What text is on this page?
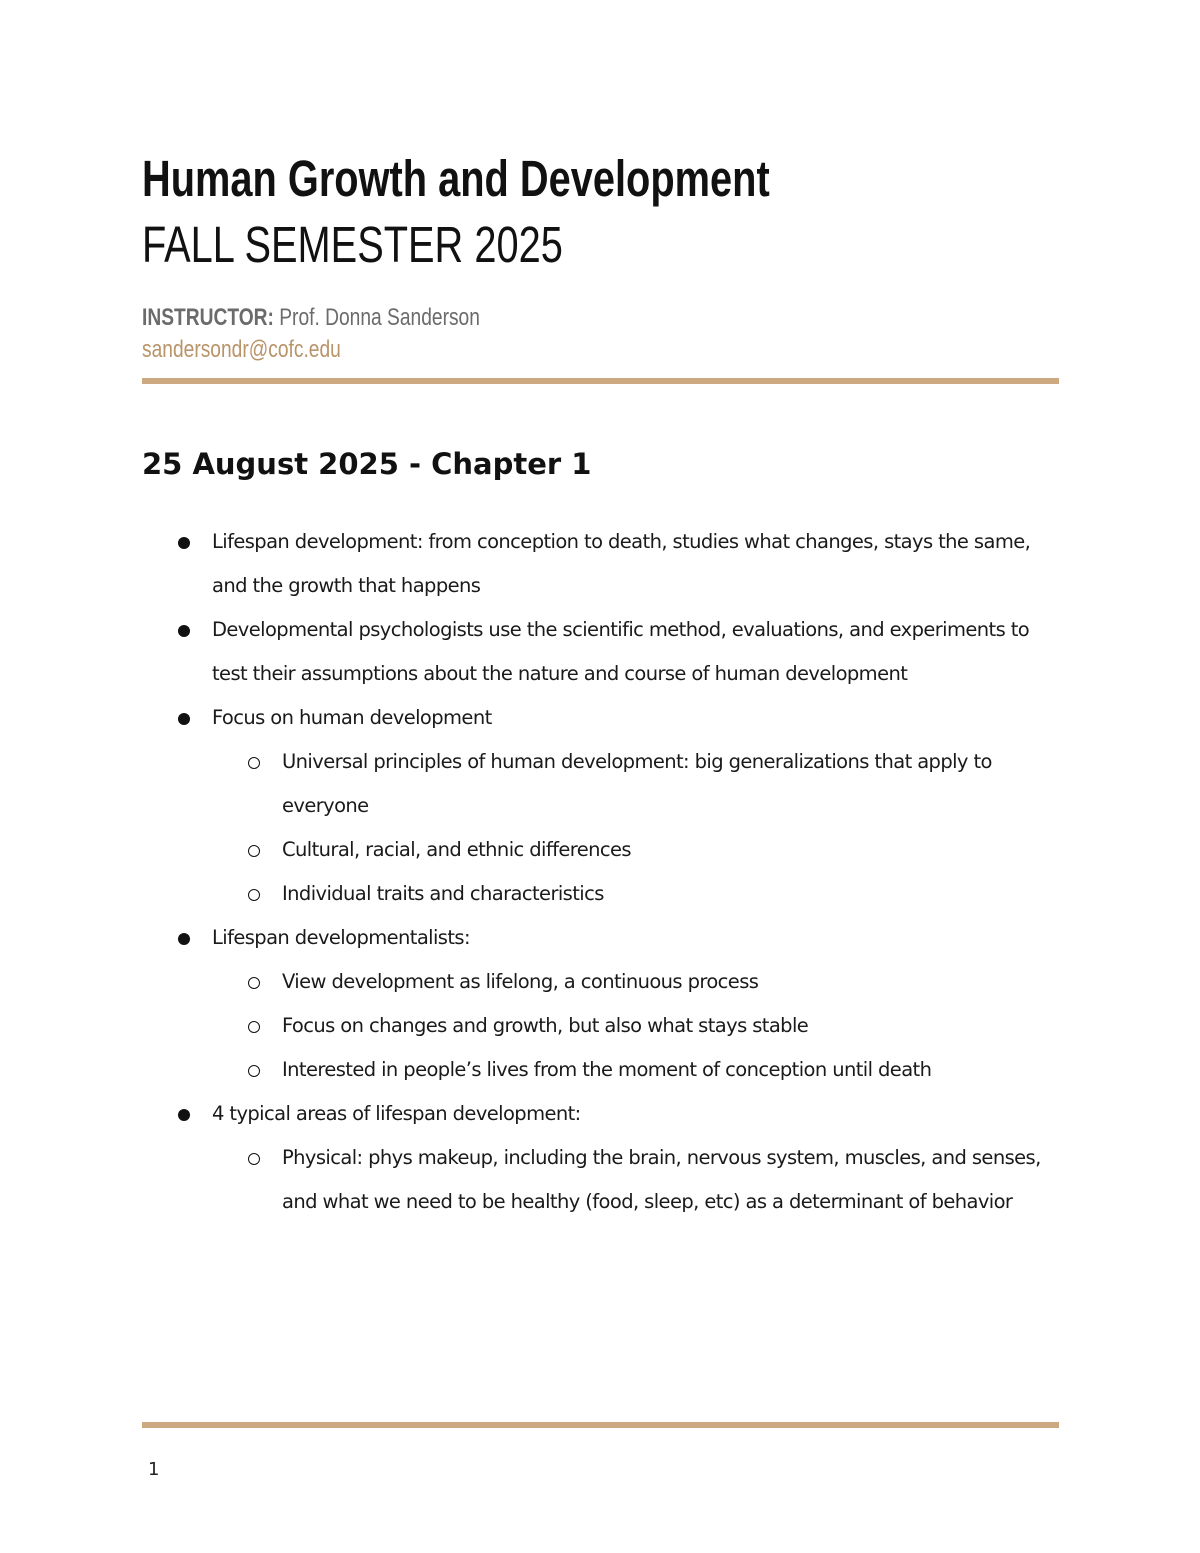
Human Growth and Development
FALL SEMESTER 2025
INSTRUCTOR: Prof. Donna Sanderson
sandersondr@cofc.edu
25 August 2025 - Chapter 1
Lifespan development: from conception to death, studies what changes, stays the same, and the growth that happens
Developmental psychologists use the scientific method, evaluations, and experiments to test their assumptions about the nature and course of human development
Focus on human development
Universal principles of human development: big generalizations that apply to everyone
Cultural, racial, and ethnic differences
Individual traits and characteristics
Lifespan developmentalists:
View development as lifelong, a continuous process
Focus on changes and growth, but also what stays stable
Interested in people’s lives from the moment of conception until death
4 typical areas of lifespan development:
Physical: phys makeup, including the brain, nervous system, muscles, and senses, and what we need to be healthy (food, sleep, etc) as a determinant of behavior
1
